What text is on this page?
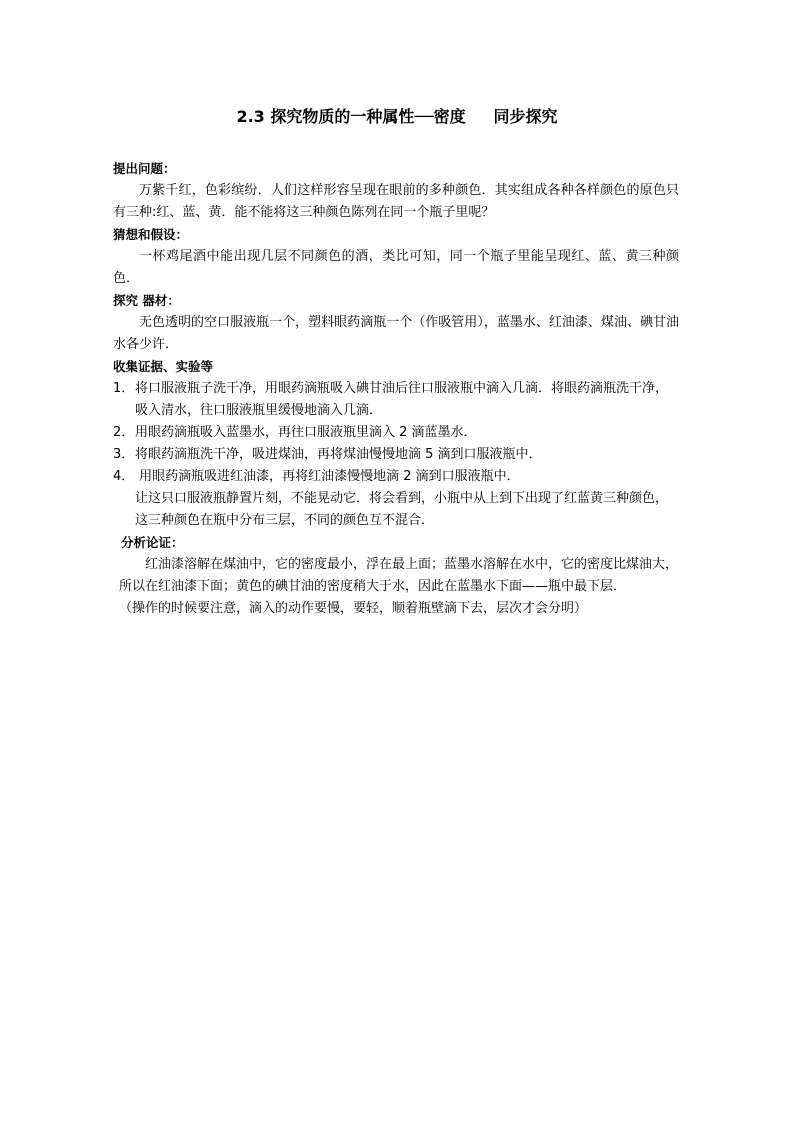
2.3 探究物质的一种属性──密度     同步探究
提出问题：

万紫千红，色彩缤纷．人们这样形容呈现在眼前的多种颜色．其实组成各种各样颜色的原色只有三种:红、蓝、黄．能不能将这三种颜色陈列在同一个瓶子里呢？

猜想和假设：

一杯鸡尾酒中能出现几层不同颜色的酒，类比可知，同一个瓶子里能呈现红、蓝、黄三种颜色．

探究 器材：

无色透明的空口服液瓶一个，塑料眼药滴瓶一个（作吸管用），蓝墨水、红油漆、煤油、碘甘油水各少许．

收集证据、实验等

1．将口服液瓶子洗干净，用眼药滴瓶吸入碘甘油后往口服液瓶中滴入几滴．将眼药滴瓶洗干净，吸入清水，往口服液瓶里缓慢地滴入几滴．

2．用眼药滴瓶吸入蓝墨水，再往口服液瓶里滴入 2 滴蓝墨水．

3．将眼药滴瓶洗干净，吸进煤油，再将煤油慢慢地滴 5 滴到口服液瓶中．

4． 用眼药滴瓶吸进红油漆，再将红油漆慢慢地滴 2 滴到口服液瓶中．

让这只口服液瓶静置片刻，不能晃动它．将会看到，小瓶中从上到下出现了红蓝黄三种颜色，这三种颜色在瓶中分布三层，不同的颜色互不混合．

分析论证：

红油漆溶解在煤油中，它的密度最小，浮在最上面；蓝墨水溶解在水中，它的密度比煤油大，所以在红油漆下面；黄色的碘甘油的密度稍大于水，因此在蓝墨水下面——瓶中最下层．

（操作的时候要注意，滴入的动作要慢，要轻，顺着瓶壁滴下去，层次才会分明）
